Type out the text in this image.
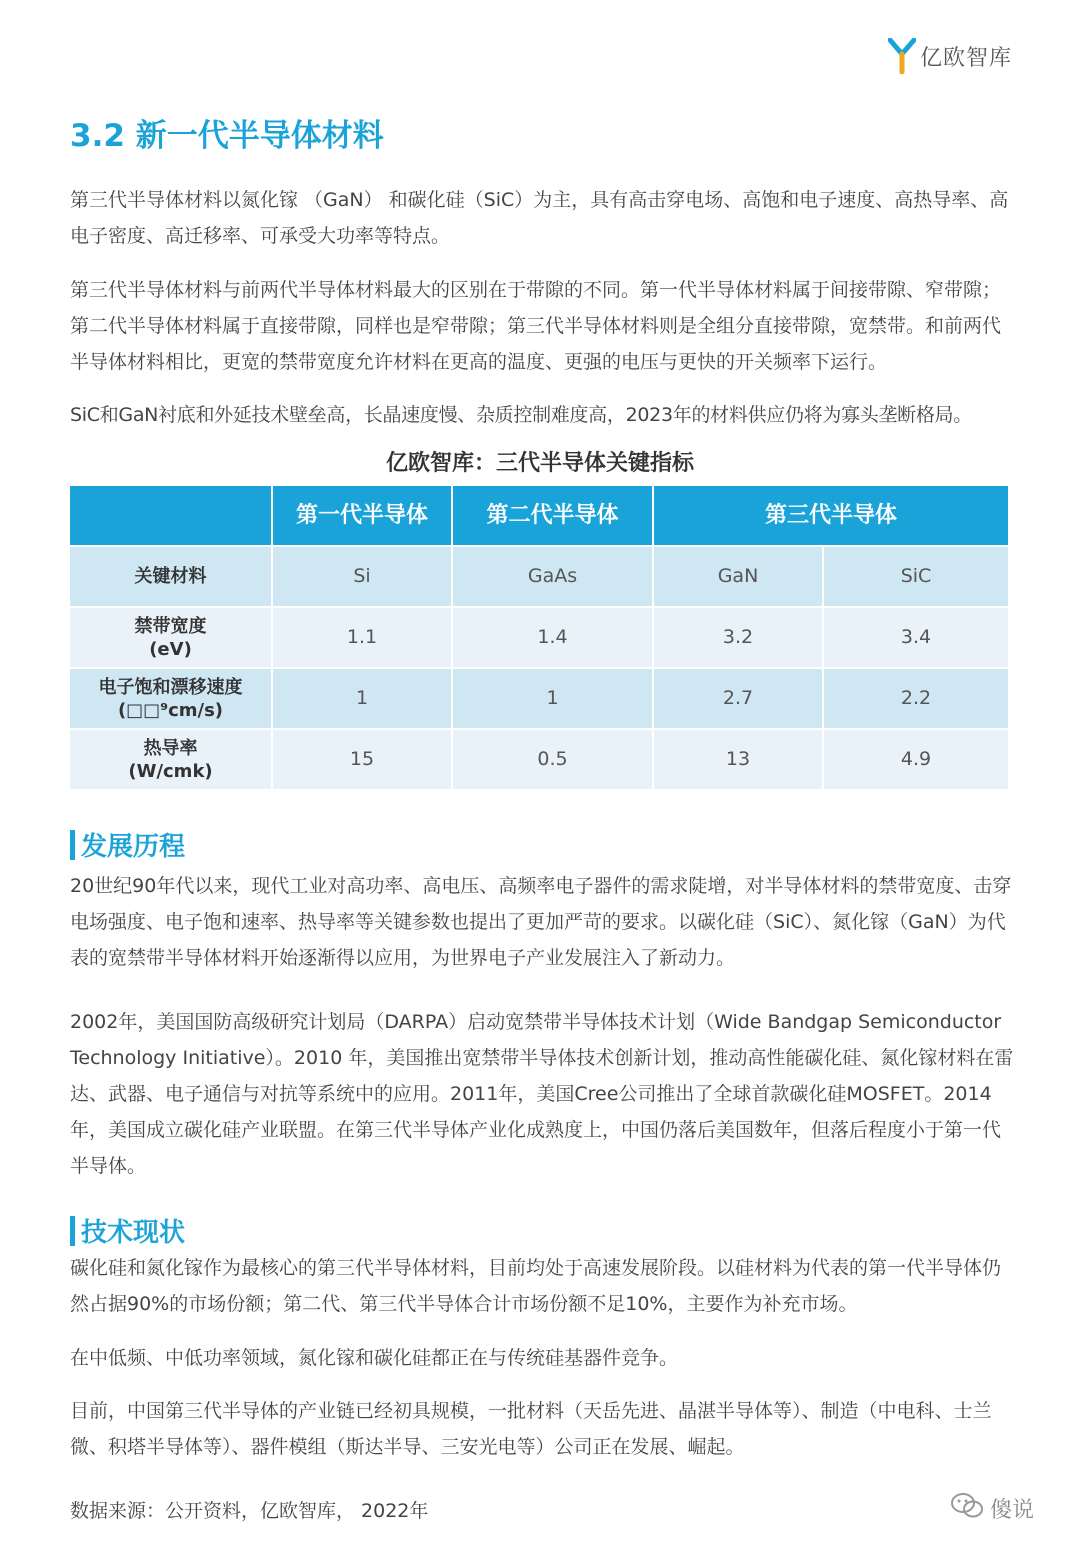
亿欧智库
3.2 新一代半导体材料

第三代半导体材料以氮化镓 （GaN） 和碳化硅（SiC）为主，具有高击穿电场、高饱和电子速度、高热导率、高电子密度、高迁移率、可承受大功率等特点。

第三代半导体材料与前两代半导体材料最大的区别在于带隙的不同。第一代半导体材料属于间接带隙、窄带隙；第二代半导体材料属于直接带隙，同样也是窄带隙；第三代半导体材料则是全组分直接带隙，宽禁带。和前两代半导体材料相比，更宽的禁带宽度允许材料在更高的温度、更强的电压与更快的开关频率下运行。

SiC和GaN衬底和外延技术壁垒高，长晶速度慢、杂质控制难度高，2023年的材料供应仍将为寡头垄断格局。

亿欧智库：三代半导体关键指标
第一代半导体	第二代半导体	第三代半导体
关键材料	Si	GaAs	GaN	SiC
禁带宽度
(eV)
1.1	1.4	3.2	3.4
电子饱和漂移速度
(□□⁹cm/s)
1	1	2.7	2.2
热导率
(W/cmk)
15	0.5	13	4.9
发展历程

20世纪90年代以来，现代工业对高功率、高电压、高频率电子器件的需求陡增，对半导体材料的禁带宽度、击穿电场强度、电子饱和速率、热导率等关键参数也提出了更加严苛的要求。以碳化硅（SiC）、氮化镓（GaN）为代表的宽禁带半导体材料开始逐渐得以应用，为世界电子产业发展注入了新动力。

2002年，美国国防高级研究计划局（DARPA）启动宽禁带半导体技术计划（Wide Bandgap Semiconductor Technology Initiative）。2010 年，美国推出宽禁带半导体技术创新计划，推动高性能碳化硅、氮化镓材料在雷达、武器、电子通信与对抗等系统中的应用。2011年，美国Cree公司推出了全球首款碳化硅MOSFET。2014年，美国成立碳化硅产业联盟。在第三代半导体产业化成熟度上，中国仍落后美国数年，但落后程度小于第一代半导体。

技术现状

碳化硅和氮化镓作为最核心的第三代半导体材料，目前均处于高速发展阶段。以硅材料为代表的第一代半导体仍然占据90%的市场份额；第二代、第三代半导体合计市场份额不足10%，主要作为补充市场。

在中低频、中低功率领域，氮化镓和碳化硅都正在与传统硅基器件竞争。

目前，中国第三代半导体的产业链已经初具规模，一批材料（天岳先进、晶湛半导体等）、制造（中电科、士兰微、积塔半导体等）、器件模组（斯达半导、三安光电等）公司正在发展、崛起。

数据来源：公开资料，亿欧智库， 2022年	傻说
